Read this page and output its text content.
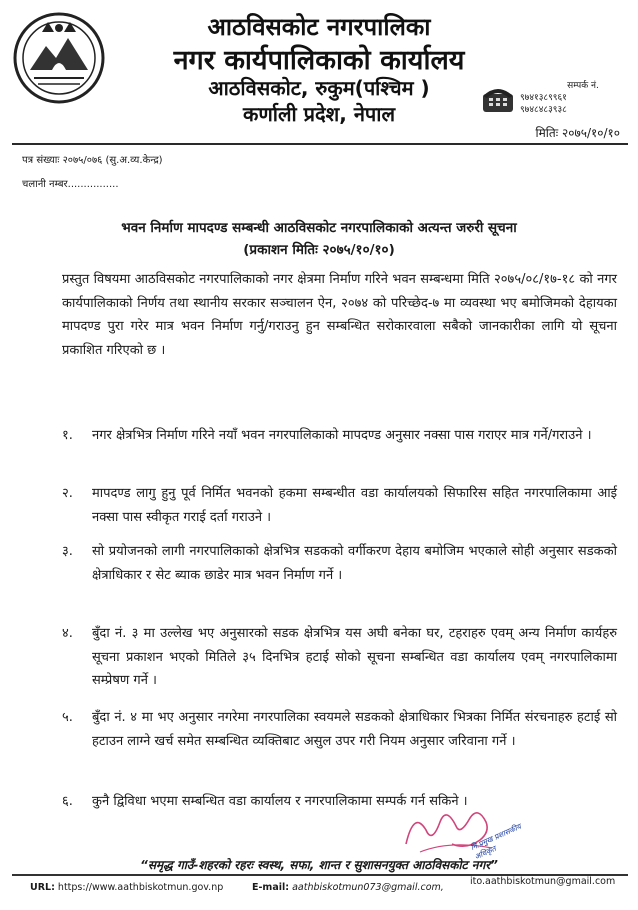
आठविसकोट नगरपालिका
नगर कार्यपालिकाको कार्यालय
आठविसकोट, रुकुम(पश्चिम )
कर्णाली प्रदेश, नेपाल
सम्पर्क नं.
९७४१३८९९६१
९७४८४८३९३८
मितिः २०७५/१०/१०
पत्र संख्याः २०७५/०७६ (सु.अ.व्य.केन्द्र)
चलानी नम्बर................
भवन निर्माण मापदण्ड सम्बन्धी आठविसकोट नगरपालिकाको अत्यन्त जरुरी सूचना
(प्रकाशन मितिः २०७५/१०/१०)
प्रस्तुत विषयमा आठविसकोट नगरपालिकाको नगर क्षेत्रमा निर्माण गरिने भवन सम्बन्धमा मिति २०७५/०८/१७-१८ को नगर कार्यपालिकाको निर्णय तथा स्थानीय सरकार सञ्चालन ऐन, २०७४ को परिच्छेद-७ मा व्यवस्था भए बमोजिमको देहायका मापदण्ड पुरा गरेर मात्र भवन निर्माण गर्नु/गराउनु हुन सम्बन्धित सरोकारवाला सबैको जानकारीका लागि यो सूचना प्रकाशित गरिएको छ ।
१. नगर क्षेत्रभित्र निर्माण गरिने नयाँ भवन नगरपालिकाको मापदण्ड अनुसार नक्सा पास गराएर मात्र गर्ने/गराउने ।
२. मापदण्ड लागु हुनु पूर्व निर्मित भवनको हकमा सम्बन्धीत वडा कार्यालयको सिफारिस सहित नगरपालिकामा आई नक्सा पास स्वीकृत गराई दर्ता गराउने ।
३. सो प्रयोजनको लागी नगरपालिकाको क्षेत्रभित्र सडकको वर्गीकरण देहाय बमोजिम भएकाले सोही अनुसार सडकको क्षेत्राधिकार र सेट ब्याक छाडेर मात्र भवन निर्माण गर्ने ।
४. बुँदा नं. ३ मा उल्लेख भए अनुसारको सडक क्षेत्रभित्र यस अघी बनेका घर, टहराहरु एवम् अन्य निर्माण कार्यहरु सूचना प्रकाशन भएको मितिले ३५ दिनभित्र हटाई सोको सूचना सम्बन्धित वडा कार्यालय एवम् नगरपालिकामा सम्प्रेषण गर्ने ।
५. बुँदा नं. ४ मा भए अनुसार नगरेमा नगरपालिका स्वयमले सडकको क्षेत्राधिकार भित्रका निर्मित संरचनाहरु हटाई सो हटाउन लाग्ने खर्च समेत सम्बन्धित व्यक्तिबाट असुल उपर गरी नियम अनुसार जरिवाना गर्ने ।
६. कुनै द्विविधा भएमा सम्बन्धित वडा कार्यालय र नगरपालिकामा सम्पर्क गर्न सकिने ।
नि.प्रमुख प्रशासकीय अधिकृत
“समृद्ध गाउँ-शहरको रहरः स्वस्थ, सफा, शान्त र सुशासनयुक्त आठविसकोट नगर”
URL: https://www.aathbiskotmun.gov.np	E-mail: aathbiskotmun073@gmail.com,
ito.aathbiskotmun@gmail.com
